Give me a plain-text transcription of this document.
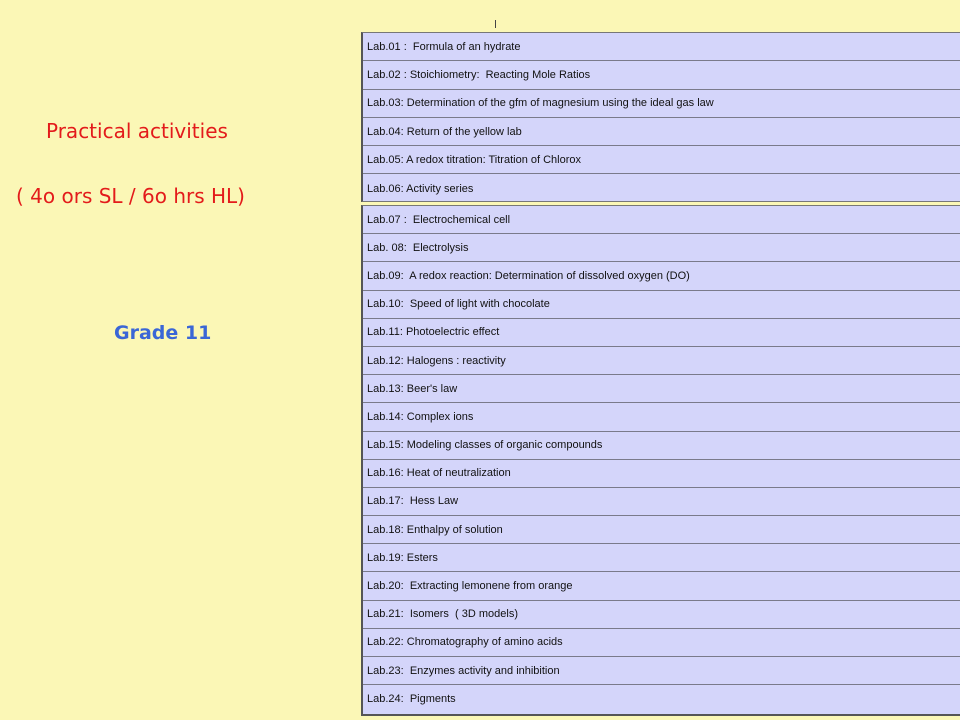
Practical activities
( 4o ors SL / 6o hrs HL)
Grade 11
Lab.01 :  Formula of an hydrate
Lab.02 : Stoichiometry:  Reacting Mole Ratios
Lab.03: Determination of the gfm of magnesium using the ideal gas law
Lab.04: Return of the yellow lab
Lab.05: A redox titration: Titration of Chlorox
Lab.06: Activity series
Lab.07 :  Electrochemical cell
Lab. 08:  Electrolysis
Lab.09:  A redox reaction: Determination of dissolved oxygen (DO)
Lab.10:  Speed of light with chocolate
Lab.11: Photoelectric effect
Lab.12: Halogens : reactivity
Lab.13: Beer's law
Lab.14: Complex ions
Lab.15: Modeling classes of organic compounds
Lab.16: Heat of neutralization
Lab.17:  Hess Law
Lab.18: Enthalpy of solution
Lab.19: Esters
Lab.20:  Extracting lemonene from orange
Lab.21:  Isomers  ( 3D models)
Lab.22: Chromatography of amino acids
Lab.23:  Enzymes activity and inhibition
Lab.24:  Pigments
